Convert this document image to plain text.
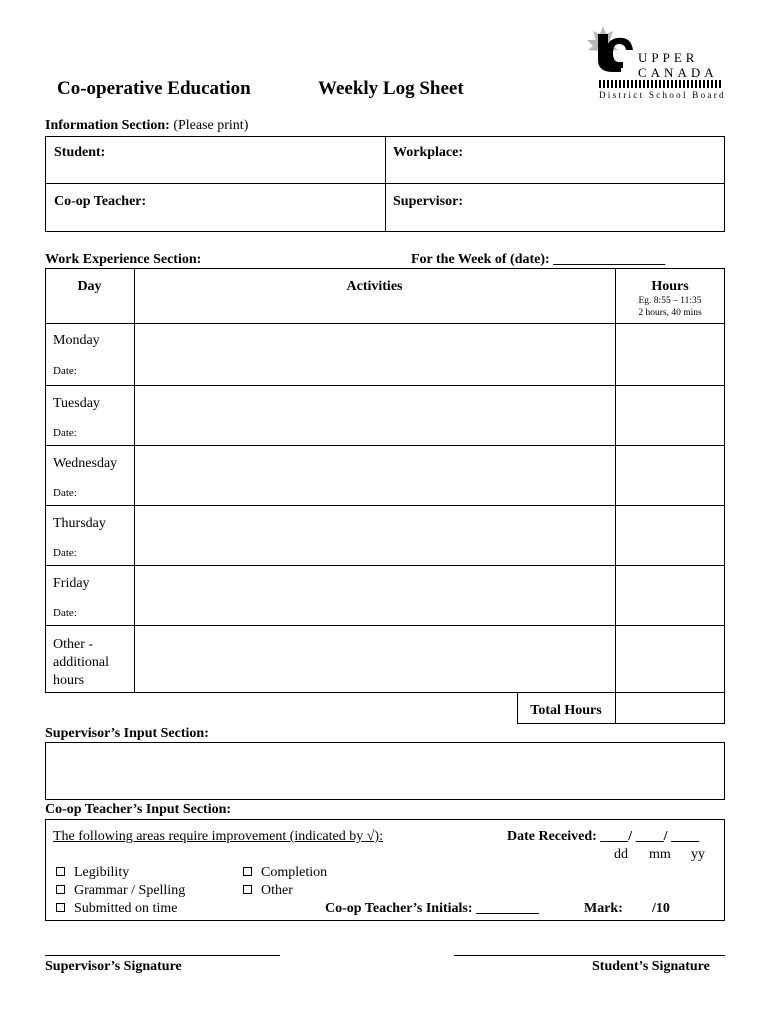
Co-operative Education	Weekly Log Sheet
UPPER
CANADA
District School Board
Information Section: (Please print)
Student:	Workplace:
Co-op Teacher:	Supervisor:
Work Experience Section:	For the Week of (date): ________________
Day	Activities	Hours
Eg. 8:55 – 11:35
2 hours, 40 mins
Monday
Date:
Tuesday
Date:
Wednesday
Date:
Thursday
Date:
Friday
Date:
Other -
additional
hours
Total Hours
Supervisor’s Input Section:
Co-op Teacher’s Input Section:
The following areas require improvement (indicated by √):	Date Received: ____/ ____/ ____
dd mm yy
Legibility
Grammar / Spelling
Submitted on time
Completion
Other
Co-op Teacher’s Initials: _________	Mark: /10
Supervisor’s Signature	Student’s Signature
